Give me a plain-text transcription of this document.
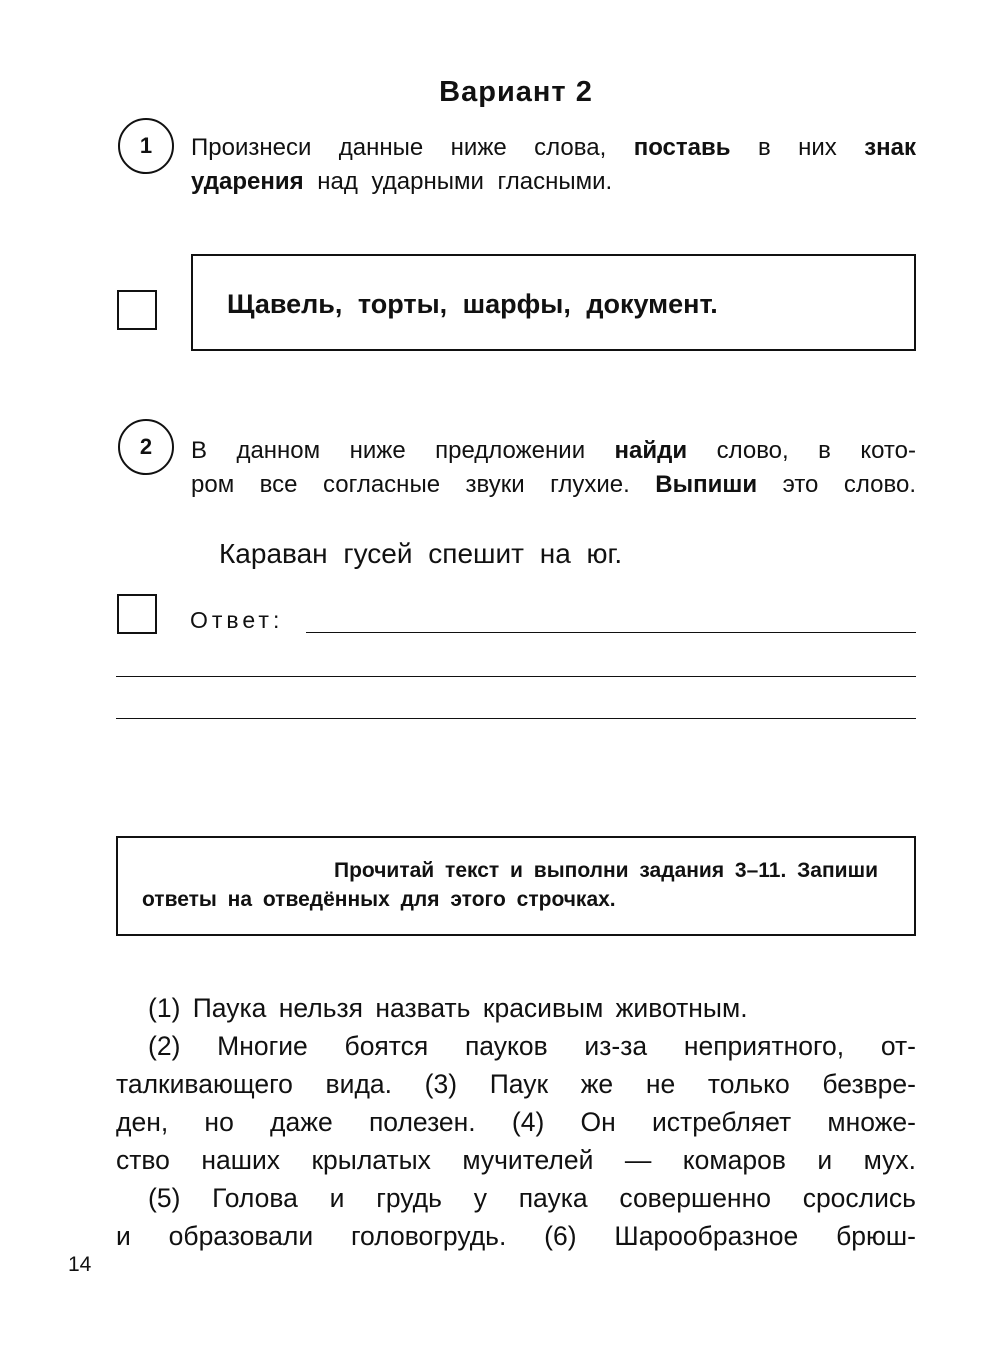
Вариант 2
1	Произнеси данные ниже слова, поставь в них знак
ударения над ударными гласными.
Щавель, торты, шарфы, документ.
2	В данном ниже предложении найди слово, в кото-
ром все согласные звуки глухие. Выпиши это слово.
Караван гусей спешит на юг.
Ответ:
Прочитай текст и выполни задания 3–11. Запиши
ответы на отведённых для этого строчках.
(1) Паука нельзя назвать красивым животным.
(2) Многие боятся пауков из-за неприятного, от-
талкивающего вида. (3) Паук же не только безвре-
ден, но даже полезен. (4) Он истребляет множе-
ство наших крылатых мучителей — комаров и мух.
(5) Голова и грудь у паука совершенно срослись
и образовали головогрудь. (6) Шарообразное брюш-
14
